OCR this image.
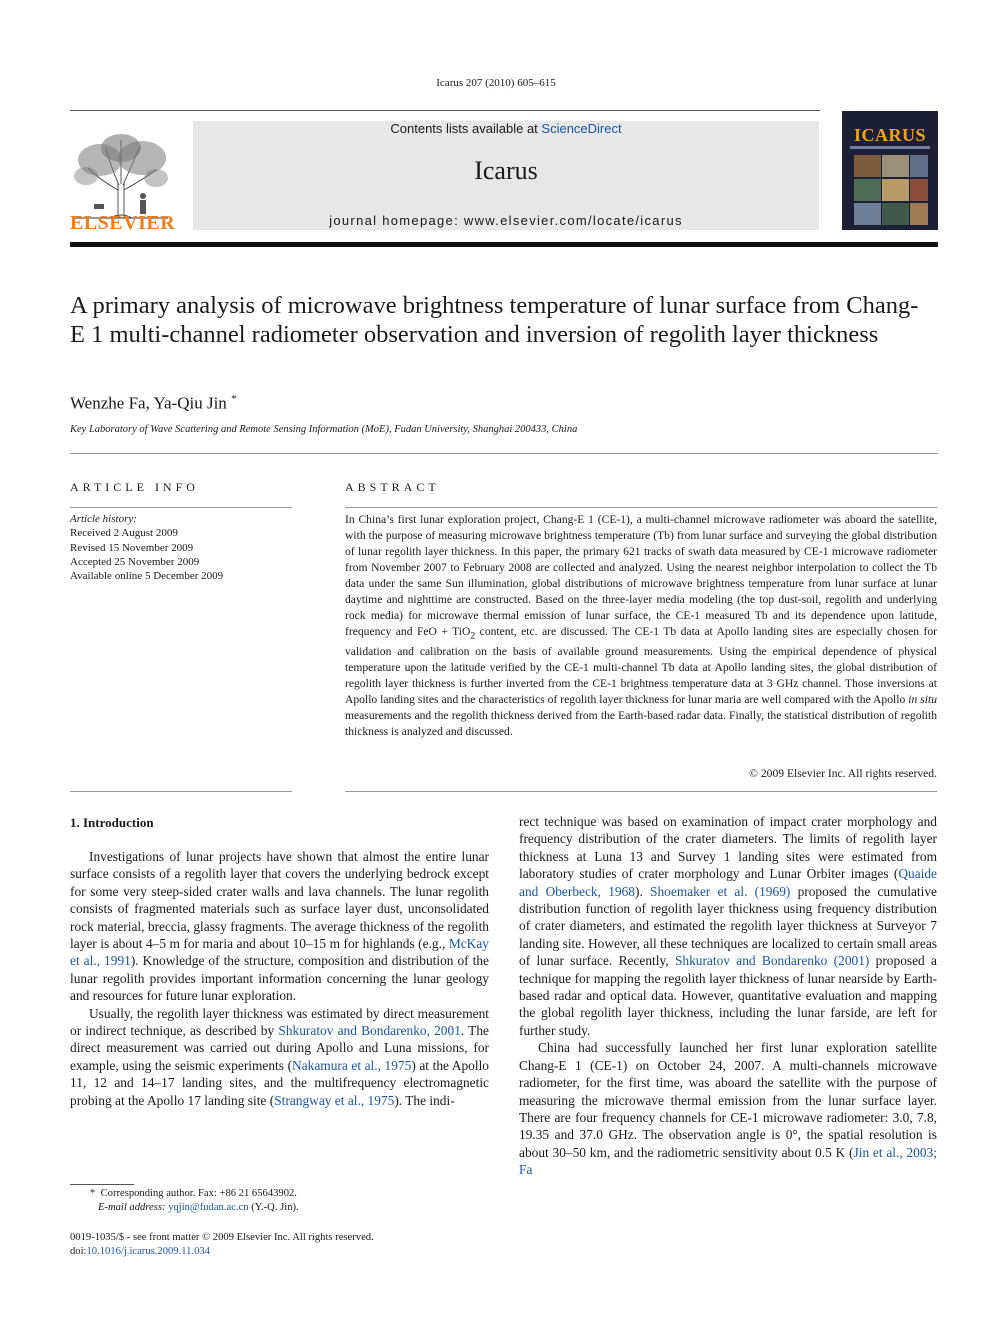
Icarus 207 (2010) 605–615
ELSEVIER
Contents lists available at ScienceDirect
Icarus
journal homepage: www.elsevier.com/locate/icarus
ICARUS
A primary analysis of microwave brightness temperature of lunar surface from Chang-E 1 multi-channel radiometer observation and inversion of regolith layer thickness
Wenzhe Fa, Ya-Qiu Jin *
Key Laboratory of Wave Scattering and Remote Sensing Information (MoE), Fudan University, Shanghai 200433, China
ARTICLE INFO
Article history:
Received 2 August 2009
Revised 15 November 2009
Accepted 25 November 2009
Available online 5 December 2009
ABSTRACT
In China’s first lunar exploration project, Chang-E 1 (CE-1), a multi-channel microwave radiometer was aboard the satellite, with the purpose of measuring microwave brightness temperature (Tb) from lunar surface and surveying the global distribution of lunar regolith layer thickness. In this paper, the primary 621 tracks of swath data measured by CE-1 microwave radiometer from November 2007 to February 2008 are collected and analyzed. Using the nearest neighbor interpolation to collect the Tb data under the same Sun illumination, global distributions of microwave brightness temperature from lunar surface at lunar daytime and nighttime are constructed. Based on the three-layer media modeling (the top dust-soil, regolith and underlying rock media) for microwave thermal emission of lunar surface, the CE-1 measured Tb and its dependence upon latitude, frequency and FeO + TiO$_2$ content, etc. are discussed. The CE-1 Tb data at Apollo landing sites are especially chosen for validation and calibration on the basis of available ground measurements. Using the empirical dependence of physical temperature upon the latitude verified by the CE-1 multi-channel Tb data at Apollo landing sites, the global distribution of regolith layer thickness is further inverted from the CE-1 brightness temperature data at 3 GHz channel. Those inversions at Apollo landing sites and the characteristics of regolith layer thickness for lunar maria are well compared with the Apollo in situ measurements and the regolith thickness derived from the Earth-based radar data. Finally, the statistical distribution of regolith thickness is analyzed and discussed.
© 2009 Elsevier Inc. All rights reserved.
1. Introduction

Investigations of lunar projects have shown that almost the entire lunar surface consists of a regolith layer that covers the underlying bedrock except for some very steep-sided crater walls and lava channels. The lunar regolith consists of fragmented materials such as surface layer dust, unconsolidated rock material, breccia, glassy fragments. The average thickness of the regolith layer is about 4–5 m for maria and about 10–15 m for highlands (e.g., McKay et al., 1991). Knowledge of the structure, composition and distribution of the lunar regolith provides important information concerning the lunar geology and resources for future lunar exploration.

Usually, the regolith layer thickness was estimated by direct measurement or indirect technique, as described by Shkuratov and Bondarenko, 2001. The direct measurement was carried out during Apollo and Luna missions, for example, using the seismic experiments (Nakamura et al., 1975) at the Apollo 11, 12 and 14–17 landing sites, and the multifrequency electromagnetic probing at the Apollo 17 landing site (Strangway et al., 1975). The indi-

rect technique was based on examination of impact crater morphology and frequency distribution of the crater diameters. The limits of regolith layer thickness at Luna 13 and Survey 1 landing sites were estimated from laboratory studies of crater morphology and Lunar Orbiter images (Quaide and Oberbeck, 1968). Shoemaker et al. (1969) proposed the cumulative distribution function of regolith layer thickness using frequency distribution of crater diameters, and estimated the regolith layer thickness at Surveyor 7 landing site. However, all these techniques are localized to certain small areas of lunar surface. Recently, Shkuratov and Bondarenko (2001) proposed a technique for mapping the regolith layer thickness of lunar nearside by Earth-based radar and optical data. However, quantitative evaluation and mapping the global regolith layer thickness, including the lunar farside, are left for further study.

China had successfully launched her first lunar exploration satellite Chang-E 1 (CE-1) on October 24, 2007. A multi-channels microwave radiometer, for the first time, was aboard the satellite with the purpose of measuring the microwave thermal emission from the lunar surface layer. There are four frequency channels for CE-1 microwave radiometer: 3.0, 7.8, 19.35 and 37.0 GHz. The observation angle is 0°, the spatial resolution is about 30–50 km, and the radiometric sensitivity about 0.5 K (Jin et al., 2003; Fa

* Corresponding author. Fax: +86 21 65643902.
E-mail address: yqjin@fudan.ac.cn (Y.-Q. Jin).
0019-1035/$ - see front matter © 2009 Elsevier Inc. All rights reserved.
doi:10.1016/j.icarus.2009.11.034
